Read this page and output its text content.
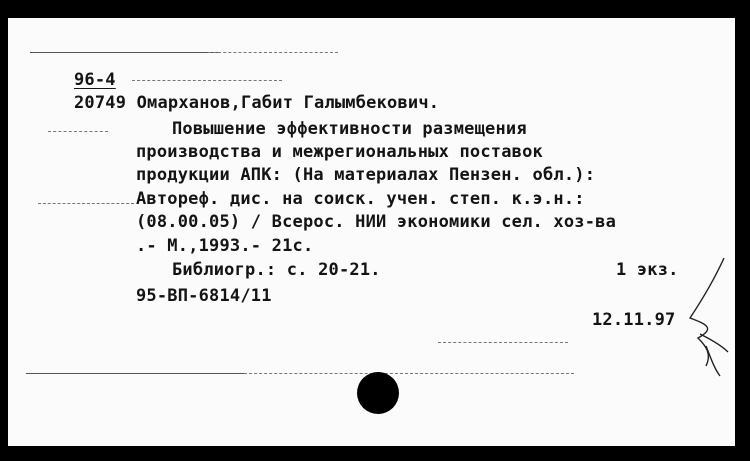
96-4
20749 Омарханов,Габит Галымбекович.
Повышение эффективности размещения
производства и межрегиональных поставок
продукции АПК: (На материалах Пензен. обл.):
Автореф. дис. на соиск. учен. степ. к.э.н.:
(08.00.05) / Всерос. НИИ экономики сел. хоз-ва
.- М.,1993.- 21с.
Библиогр.: с. 20-21.	1 экз.
95-ВП-6814/11
12.11.97
